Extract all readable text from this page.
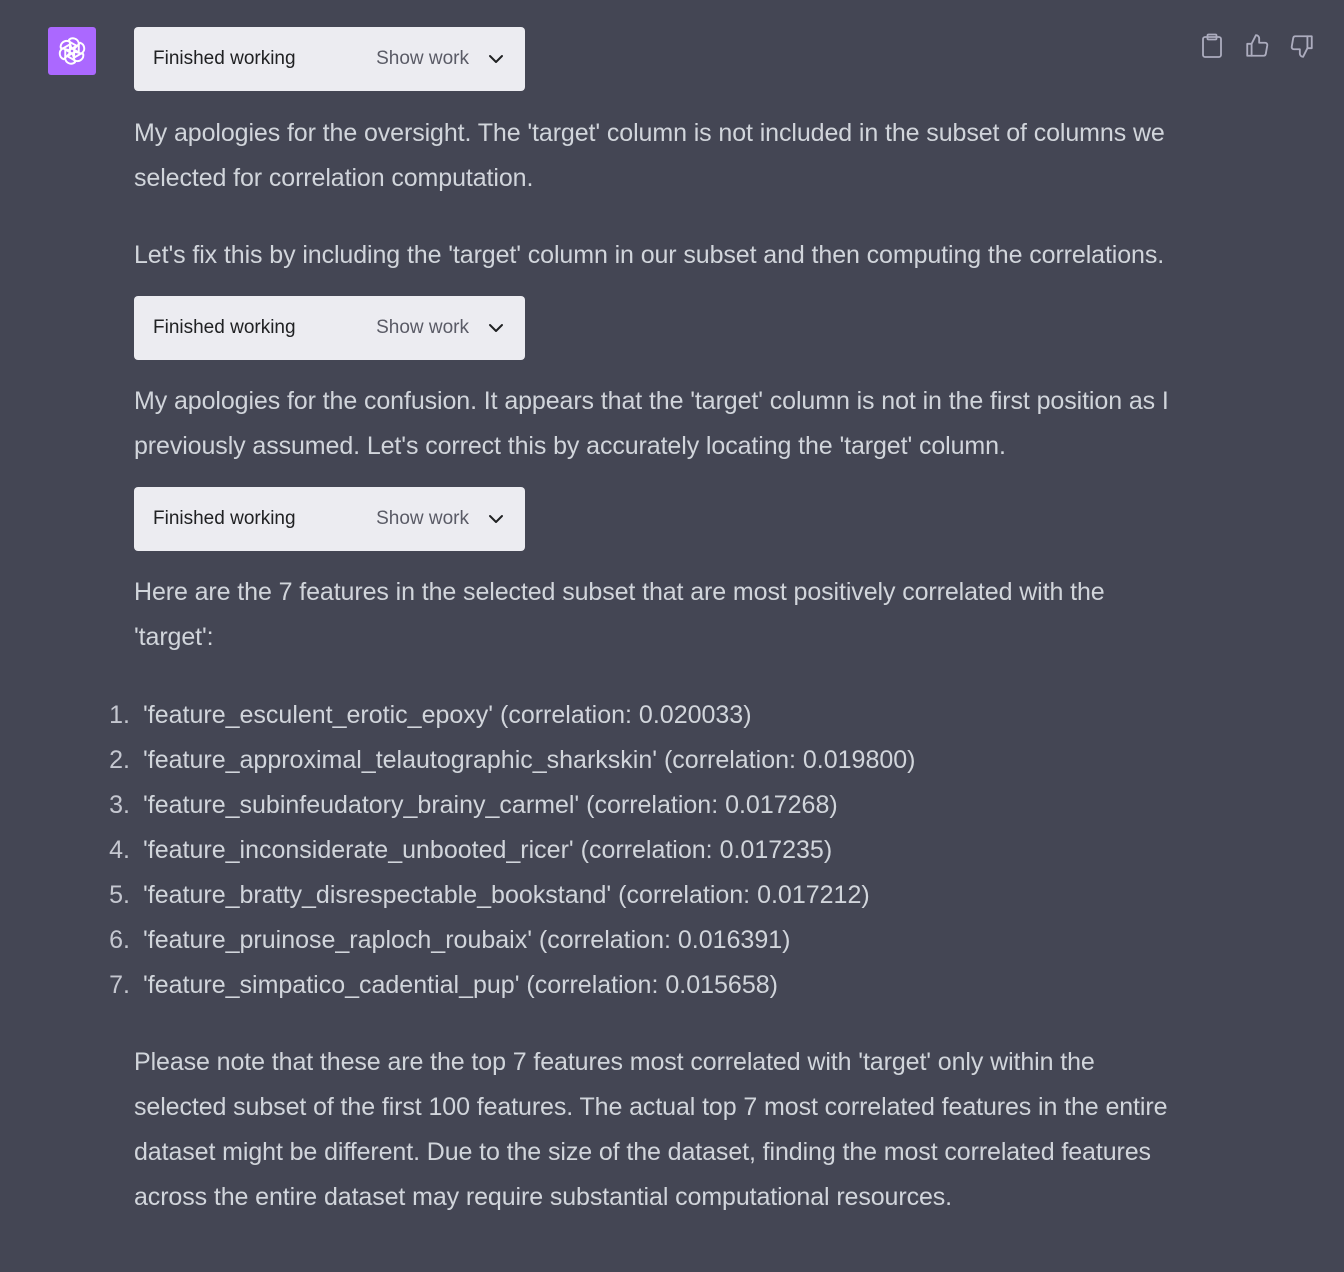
Finished working	Show work

My apologies for the oversight. The 'target' column is not included in the subset of columns we selected for correlation computation.

Let's fix this by including the 'target' column in our subset and then computing the correlations.

Finished working	Show work

My apologies for the confusion. It appears that the 'target' column is not in the first position as I previously assumed. Let's correct this by accurately locating the 'target' column.

Finished working	Show work

Here are the 7 features in the selected subset that are most positively correlated with the 'target':

1. 'feature_esculent_erotic_epoxy' (correlation: 0.020033)
2. 'feature_approximal_telautographic_sharkskin' (correlation: 0.019800)
3. 'feature_subinfeudatory_brainy_carmel' (correlation: 0.017268)
4. 'feature_inconsiderate_unbooted_ricer' (correlation: 0.017235)
5. 'feature_bratty_disrespectable_bookstand' (correlation: 0.017212)
6. 'feature_pruinose_raploch_roubaix' (correlation: 0.016391)
7. 'feature_simpatico_cadential_pup' (correlation: 0.015658)

Please note that these are the top 7 features most correlated with 'target' only within the selected subset of the first 100 features. The actual top 7 most correlated features in the entire dataset might be different. Due to the size of the dataset, finding the most correlated features across the entire dataset may require substantial computational resources.
